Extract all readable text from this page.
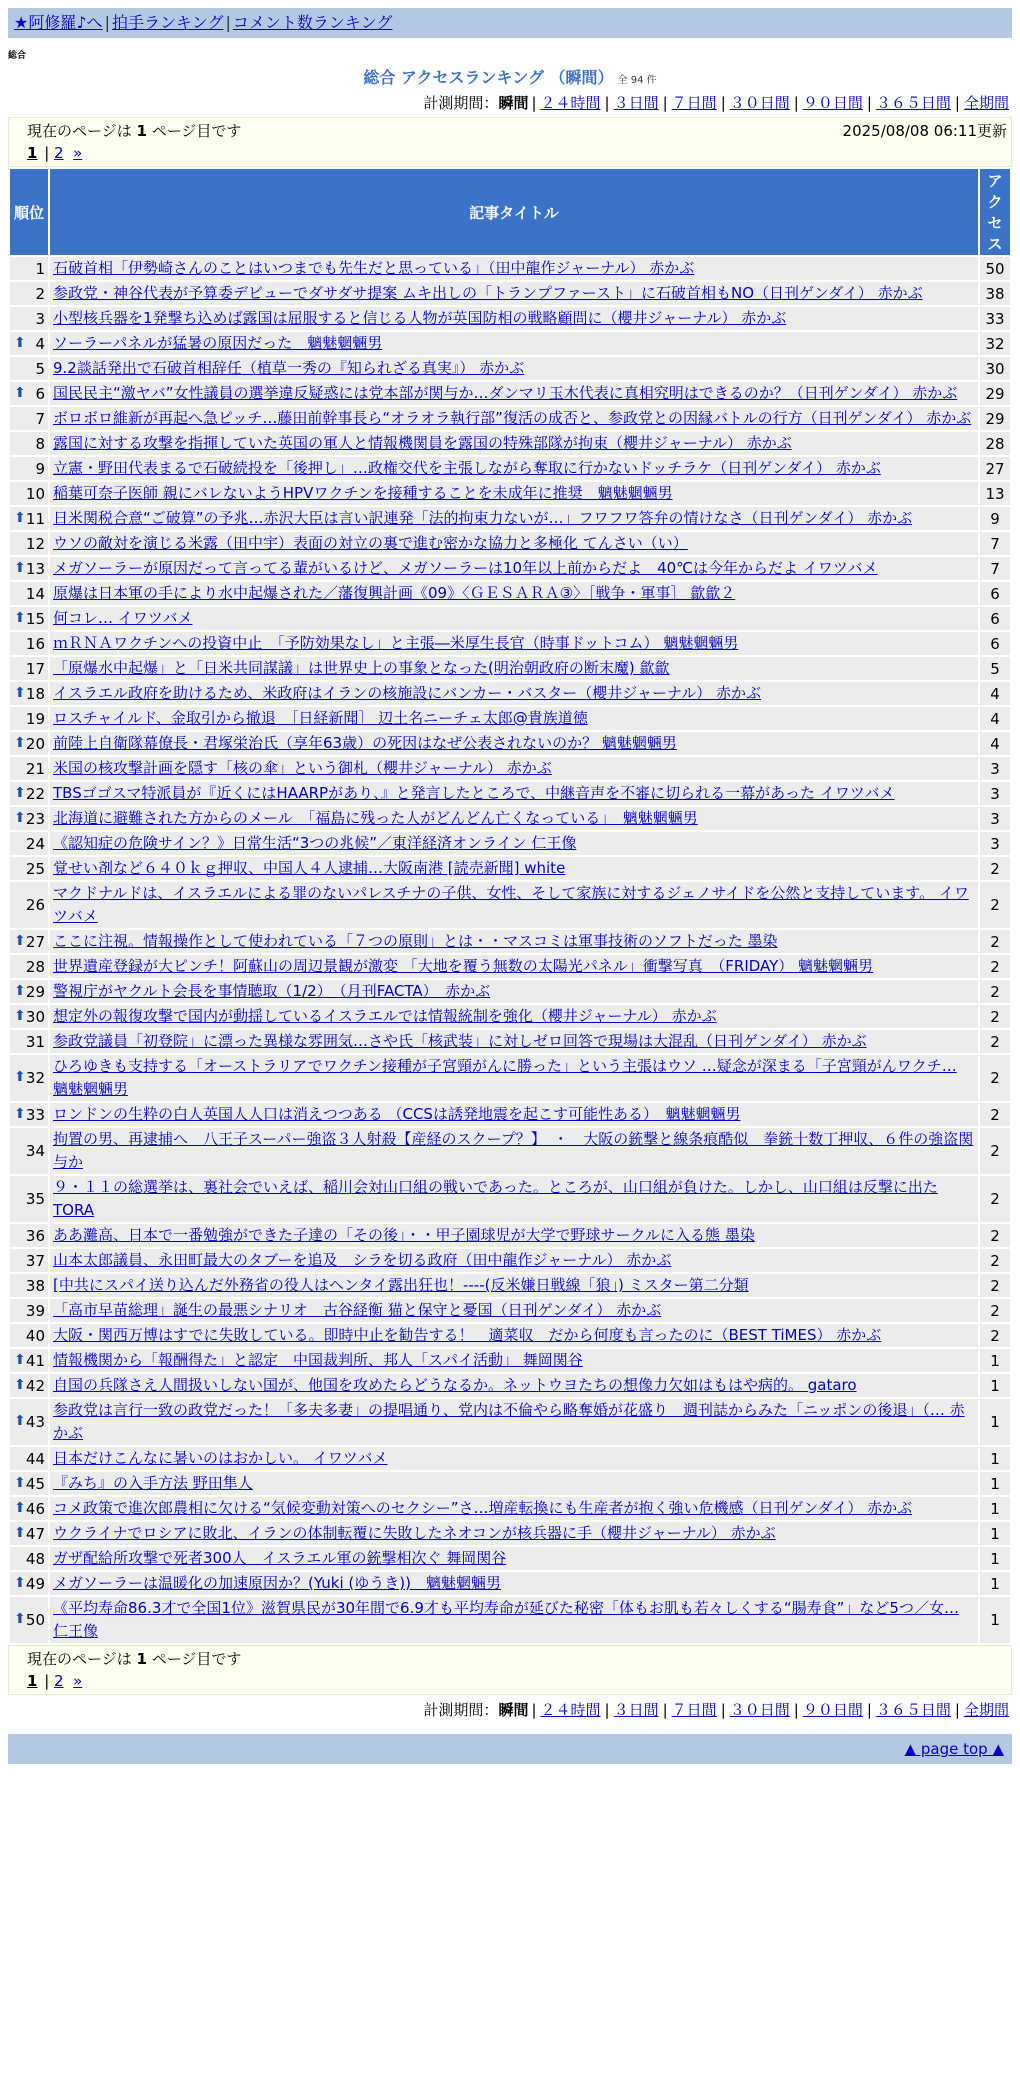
★阿修羅♪へ | 拍手ランキング | コメント数ランキング
総合
総合 アクセスランキング （瞬間） 全 94 件
計測期間：瞬間 | ２４時間 | ３日間 | ７日間 | ３０日間 | ９０日間 | ３６５日間 | 全期間
現在のページは 1 ページ目です	2025/08/08 06:11更新
1 | 2 »
順位	記事タイトル	アクセス
1	石破首相「伊勢崎さんのことはいつまでも先生だと思っている」（田中龍作ジャーナル） 赤かぶ	50
2	参政党・神谷代表が予算委デビューでダサダサ提案 ムキ出しの「トランプファースト」に石破首相もNO（日刊ゲンダイ） 赤かぶ	38
3	小型核兵器を1発撃ち込めば露国は屈服すると信じる人物が英国防相の戦略顧問に（櫻井ジャーナル） 赤かぶ	33

⬆ 4	ソーラーパネルが猛暑の原因だった　魑魅魍魎男	32
5	9.2談話発出で石破首相辞任（植草一秀の『知られざる真実』） 赤かぶ	30

⬆ 6	国民民主“激ヤバ”女性議員の選挙違反疑惑には党本部が関与か…ダンマリ玉木代表に真相究明はできるのか？（日刊ゲンダイ） 赤かぶ	29
7	ボロボロ維新が再起へ急ピッチ…藤田前幹事長ら“オラオラ執行部”復活の成否と、参政党との因縁バトルの行方（日刊ゲンダイ） 赤かぶ	29
8	露国に対する攻撃を指揮していた英国の軍人と情報機関員を露国の特殊部隊が拘束（櫻井ジャーナル） 赤かぶ	28
9	立憲・野田代表まるで石破続投を「後押し」…政権交代を主張しながら奪取に行かないドッチラケ（日刊ゲンダイ） 赤かぶ	27
10	稲葉可奈子医師 親にバレないようHPVワクチンを接種することを未成年に推奨　魑魅魍魎男	13

⬆ 11	日米関税合意“ご破算”の予兆…赤沢大臣は言い訳連発「法的拘束力ないが…」フワフワ答弁の情けなさ（日刊ゲンダイ） 赤かぶ	9
12	ウソの敵対を演じる米露（田中宇）表面の対立の裏で進む密かな協力と多極化 てんさい（い）	7

⬆ 13	メガソーラーが原因だって言ってる輩がいるけど、メガソーラーは10年以上前からだよ　40℃は今年からだよ イワツバメ	7
14	原爆は日本軍の手により水中起爆された／藩復興計画《09》〈ＧＥＳＡＲＡ③〉［戦争・軍事］ 歙歙２	6

⬆ 15	何コレ… イワツバメ	6
16	ｍＲＮＡワクチンへの投資中止　「予防効果なし」と主張―米厚生長官（時事ドットコム） 魑魅魍魎男	6
17	「原爆水中起爆」と「日米共同謀議」は世界史上の事象となった(明治朝政府の断末魔) 歙歙	5

⬆ 18	イスラエル政府を助けるため、米政府はイランの核施設にバンカー・バスター（櫻井ジャーナル） 赤かぶ	4
19	ロスチャイルド、金取引から撤退　［日経新聞］ 辺土名ニーチェ太郎@貴族道徳	4

⬆ 20	前陸上自衛隊幕僚長・君塚栄治氏（享年63歳）の死因はなぜ公表されないのか？ 魑魅魍魎男	4
21	米国の核攻撃計画を隠す「核の傘」という御札（櫻井ジャーナル） 赤かぶ	3

⬆ 22	TBSゴゴスマ特派員が『近くにはHAARPがあり、』と発言したところで、中継音声を不審に切られる一幕があった イワツバメ	3

⬆ 23	北海道に避難された方からのメール　「福島に残った人がどんどん亡くなっている」　魑魅魍魎男	3
24	《認知症の危険サイン？》日常生活“3つの兆候”／東洋経済オンライン 仁王像	3
25	覚せい剤など６４０ｋｇ押収、中国人４人逮捕…大阪南港 [読売新聞] white	2
26	マクドナルドは、イスラエルによる罪のないパレスチナの子供、女性、そして家族に対するジェノサイドを公然と支持しています。 イワツバメ	2

⬆ 27	ここに注視。情報操作として使われている「７つの原則」とは・・マスコミは軍事技術のソフトだった 墨染	2
28	世界遺産登録が大ピンチ！阿蘇山の周辺景観が激変 「大地を覆う無数の太陽光パネル」衝撃写真　（FRIDAY） 魑魅魍魎男	2

⬆ 29	警視庁がヤクルト会長を事情聴取（1/2）　（月刊FACTA）　赤かぶ	2

⬆ 30	想定外の報復攻撃で国内が動揺しているイスラエルでは情報統制を強化（櫻井ジャーナル） 赤かぶ	2
31	参政党議員「初登院」に漂った異様な雰囲気…さや氏「核武装」に対しゼロ回答で現場は大混乱（日刊ゲンダイ） 赤かぶ	2

⬆ 32	ひろゆきも支持する「オーストラリアでワクチン接種が子宮頸がんに勝った」という主張はウソ …疑念が深まる「子宮頸がんワクチ… 魑魅魍魎男	2

⬆ 33	ロンドンの生粋の白人英国人人口は消えつつある （CCSは誘発地震を起こす可能性ある）　魑魅魍魎男	2
34	拘置の男、再逮捕へ　八王子スーパー強盗３人射殺【産経のスクープ？】　・　大阪の銃撃と線条痕酷似　拳銃十数丁押収、６件の強盗関与か	2
35	９・１１の総選挙は、裏社会でいえば、稲川会対山口組の戦いであった。ところが、山口組が負けた。しかし、山口組は反撃に出た TORA	2
36	ああ灘高、日本で一番勉強ができた子達の「その後」・・甲子園球児が大学で野球サークルに入る態 墨染	2
37	山本太郎議員、永田町最大のタブーを追及　シラを切る政府（田中龍作ジャーナル） 赤かぶ	2
38	[中共にスパイ送り込んだ外務省の役人はヘンタイ露出狂也！----(反米嫌日戦線「狼」) ミスター第二分類	2
39	「高市早苗総理」誕生の最悪シナリオ　古谷経衡 猫と保守と憂国（日刊ゲンダイ） 赤かぶ	2
40	大阪・関西万博はすでに失敗している。即時中止を勧告する！　適菜収　だから何度も言ったのに（BEST TiMES） 赤かぶ	2

⬆ 41	情報機関から「報酬得た」と認定　中国裁判所、邦人「スパイ活動」 舞岡関谷	1

⬆ 42	自国の兵隊さえ人間扱いしない国が、他国を攻めたらどうなるか。ネットウヨたちの想像力欠如はもはや病的。 gataro	1

⬆ 43	参政党は言行一致の政党だった！「多夫多妻」の提唱通り、党内は不倫やら略奪婚が花盛り　週刊誌からみた「ニッポンの後退」（… 赤かぶ	1
44	日本だけこんなに暑いのはおかしい。 イワツバメ	1

⬆ 45	『みち』の入手方法 野田隼人	1

⬆ 46	コメ政策で進次郎農相に欠ける“気候変動対策へのセクシー”さ…増産転換にも生産者が抱く強い危機感（日刊ゲンダイ） 赤かぶ	1

⬆ 47	ウクライナでロシアに敗北、イランの体制転覆に失敗したネオコンが核兵器に手（櫻井ジャーナル） 赤かぶ	1
48	ガザ配給所攻撃で死者300人　イスラエル軍の銃撃相次ぐ 舞岡関谷	1

⬆ 49	メガソーラーは温暖化の加速原因か？(Yuki (ゆうき))　魑魅魍魎男	1

⬆ 50	《平均寿命86.3才で全国1位》滋賀県民が30年間で6.9才も平均寿命が延びた秘密「体もお肌も若々しくする“腸寿食”」など5つ／女… 仁王像	1
現在のページは 1 ページ目です
1 | 2 »
計測期間：瞬間 | ２４時間 | ３日間 | ７日間 | ３０日間 | ９０日間 | ３６５日間 | 全期間
▲ page top ▲
